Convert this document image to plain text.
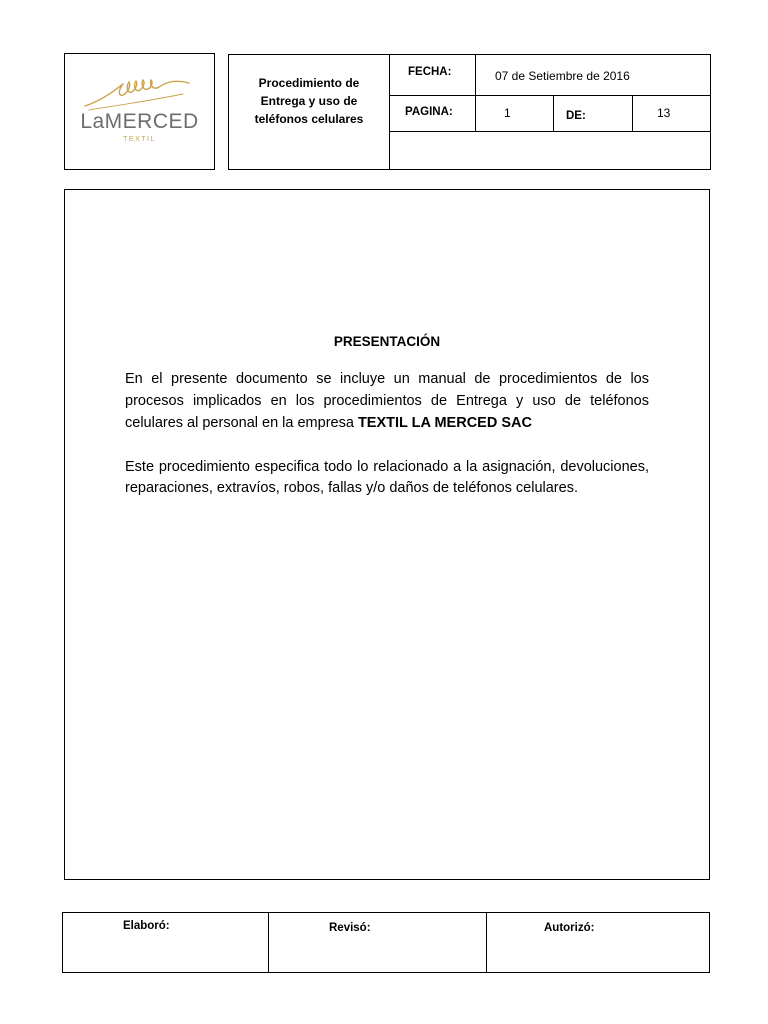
LaMERCED
TEXTIL
Procedimiento de Entrega y uso de teléfonos celulares
FECHA:	07 de Setiembre de 2016
PAGINA:	1	DE:	13
PRESENTACIÓN
En el presente documento se incluye un manual de procedimientos de los procesos implicados en los procedimientos de Entrega y uso de teléfonos celulares al personal en la empresa TEXTIL LA MERCED SAC
Este procedimiento especifica todo lo relacionado a la asignación, devoluciones, reparaciones, extravíos, robos, fallas y/o daños de teléfonos celulares.
Elaboró:	Revisó:	Autorizó:
